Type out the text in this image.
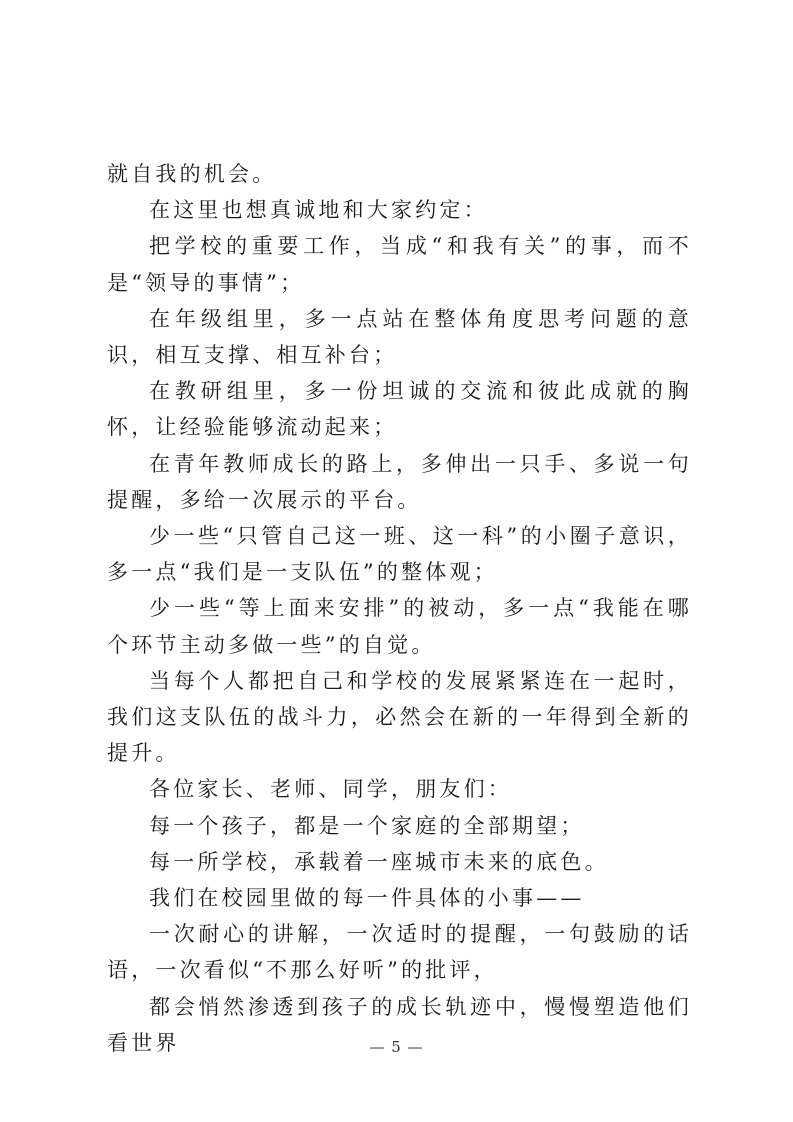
就自我的机会。

在这里也想真诚地和大家约定：

把学校的重要工作，当成“和我有关”的事，而不是“领导的事情”；

在年级组里，多一点站在整体角度思考问题的意识，相互支撑、相互补台；

在教研组里，多一份坦诚的交流和彼此成就的胸怀，让经验能够流动起来；

在青年教师成长的路上，多伸出一只手、多说一句提醒，多给一次展示的平台。

少一些“只管自己这一班、这一科”的小圈子意识，多一点“我们是一支队伍”的整体观；

少一些“等上面来安排”的被动，多一点“我能在哪个环节主动多做一些”的自觉。

当每个人都把自己和学校的发展紧紧连在一起时，我们这支队伍的战斗力，必然会在新的一年得到全新的提升。

各位家长、老师、同学，朋友们：

每一个孩子，都是一个家庭的全部期望；

每一所学校，承载着一座城市未来的底色。

我们在校园里做的每一件具体的小事——

一次耐心的讲解，一次适时的提醒，一句鼓励的话语，一次看似“不那么好听”的批评，

都会悄然渗透到孩子的成长轨迹中，慢慢塑造他们看世界	— 5 —
